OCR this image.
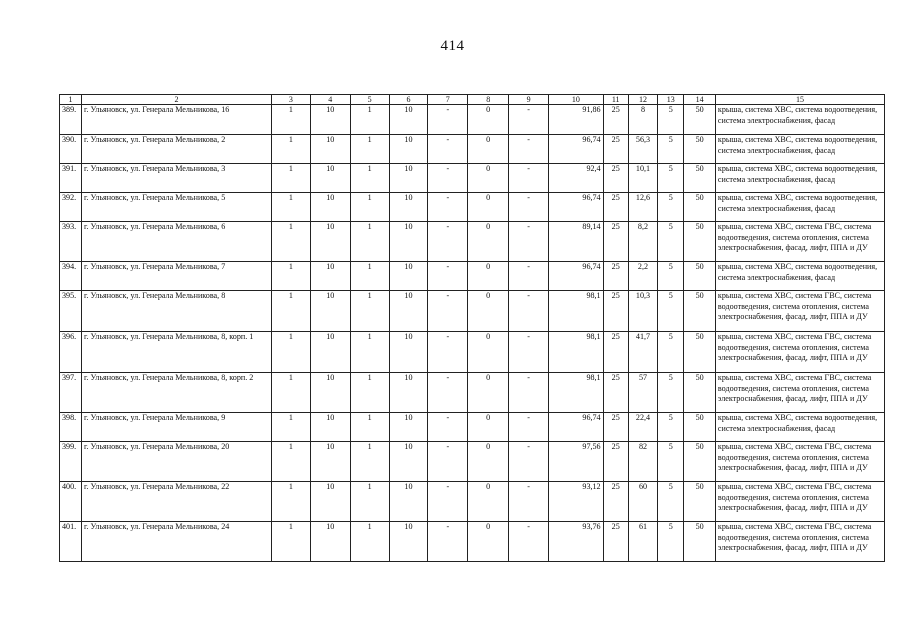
414
1	2	3	4	5	6	7	8	9	10	11	12	13	14	15
389.	г. Ульяновск, ул. Генерала Мельникова, 16	1	10	1	10	-	0	-	91,86	25	8	5	50	крыша, система ХВС, система водоотведения, система электроснабжения, фасад
390.	г. Ульяновск, ул. Генерала Мельникова, 2	1	10	1	10	-	0	-	96,74	25	56,3	5	50	крыша, система ХВС, система водоотведения, система электроснабжения, фасад
391.	г. Ульяновск, ул. Генерала Мельникова, 3	1	10	1	10	-	0	-	92,4	25	10,1	5	50	крыша, система ХВС, система водоотведения, система электроснабжения, фасад
392.	г. Ульяновск, ул. Генерала Мельникова, 5	1	10	1	10	-	0	-	96,74	25	12,6	5	50	крыша, система ХВС, система водоотведения, система электроснабжения, фасад
393.	г. Ульяновск, ул. Генерала Мельникова, 6	1	10	1	10	-	0	-	89,14	25	8,2	5	50	крыша, система ХВС, система ГВС, система водоотведения, система отопления, система электроснабжения, фасад, лифт, ППА и ДУ
394.	г. Ульяновск, ул. Генерала Мельникова, 7	1	10	1	10	-	0	-	96,74	25	2,2	5	50	крыша, система ХВС, система водоотведения, система электроснабжения, фасад
395.	г. Ульяновск, ул. Генерала Мельникова, 8	1	10	1	10	-	0	-	98,1	25	10,3	5	50	крыша, система ХВС, система ГВС, система водоотведения, система отопления, система электроснабжения, фасад, лифт, ППА и ДУ
396.	г. Ульяновск, ул. Генерала Мельникова, 8, корп. 1	1	10	1	10	-	0	-	98,1	25	41,7	5	50	крыша, система ХВС, система ГВС, система водоотведения, система отопления, система электроснабжения, фасад, лифт, ППА и ДУ
397.	г. Ульяновск, ул. Генерала Мельникова, 8, корп. 2	1	10	1	10	-	0	-	98,1	25	57	5	50	крыша, система ХВС, система ГВС, система водоотведения, система отопления, система электроснабжения, фасад, лифт, ППА и ДУ
398.	г. Ульяновск, ул. Генерала Мельникова, 9	1	10	1	10	-	0	-	96,74	25	22,4	5	50	крыша, система ХВС, система водоотведения, система электроснабжения, фасад
399.	г. Ульяновск, ул. Генерала Мельникова, 20	1	10	1	10	-	0	-	97,56	25	82	5	50	крыша, система ХВС, система ГВС, система водоотведения, система отопления, система электроснабжения, фасад, лифт, ППА и ДУ
400.	г. Ульяновск, ул. Генерала Мельникова, 22	1	10	1	10	-	0	-	93,12	25	60	5	50	крыша, система ХВС, система ГВС, система водоотведения, система отопления, система электроснабжения, фасад, лифт, ППА и ДУ
401.	г. Ульяновск, ул. Генерала Мельникова, 24	1	10	1	10	-	0	-	93,76	25	61	5	50	крыша, система ХВС, система ГВС, система водоотведения, система отопления, система электроснабжения, фасад, лифт, ППА и ДУ
